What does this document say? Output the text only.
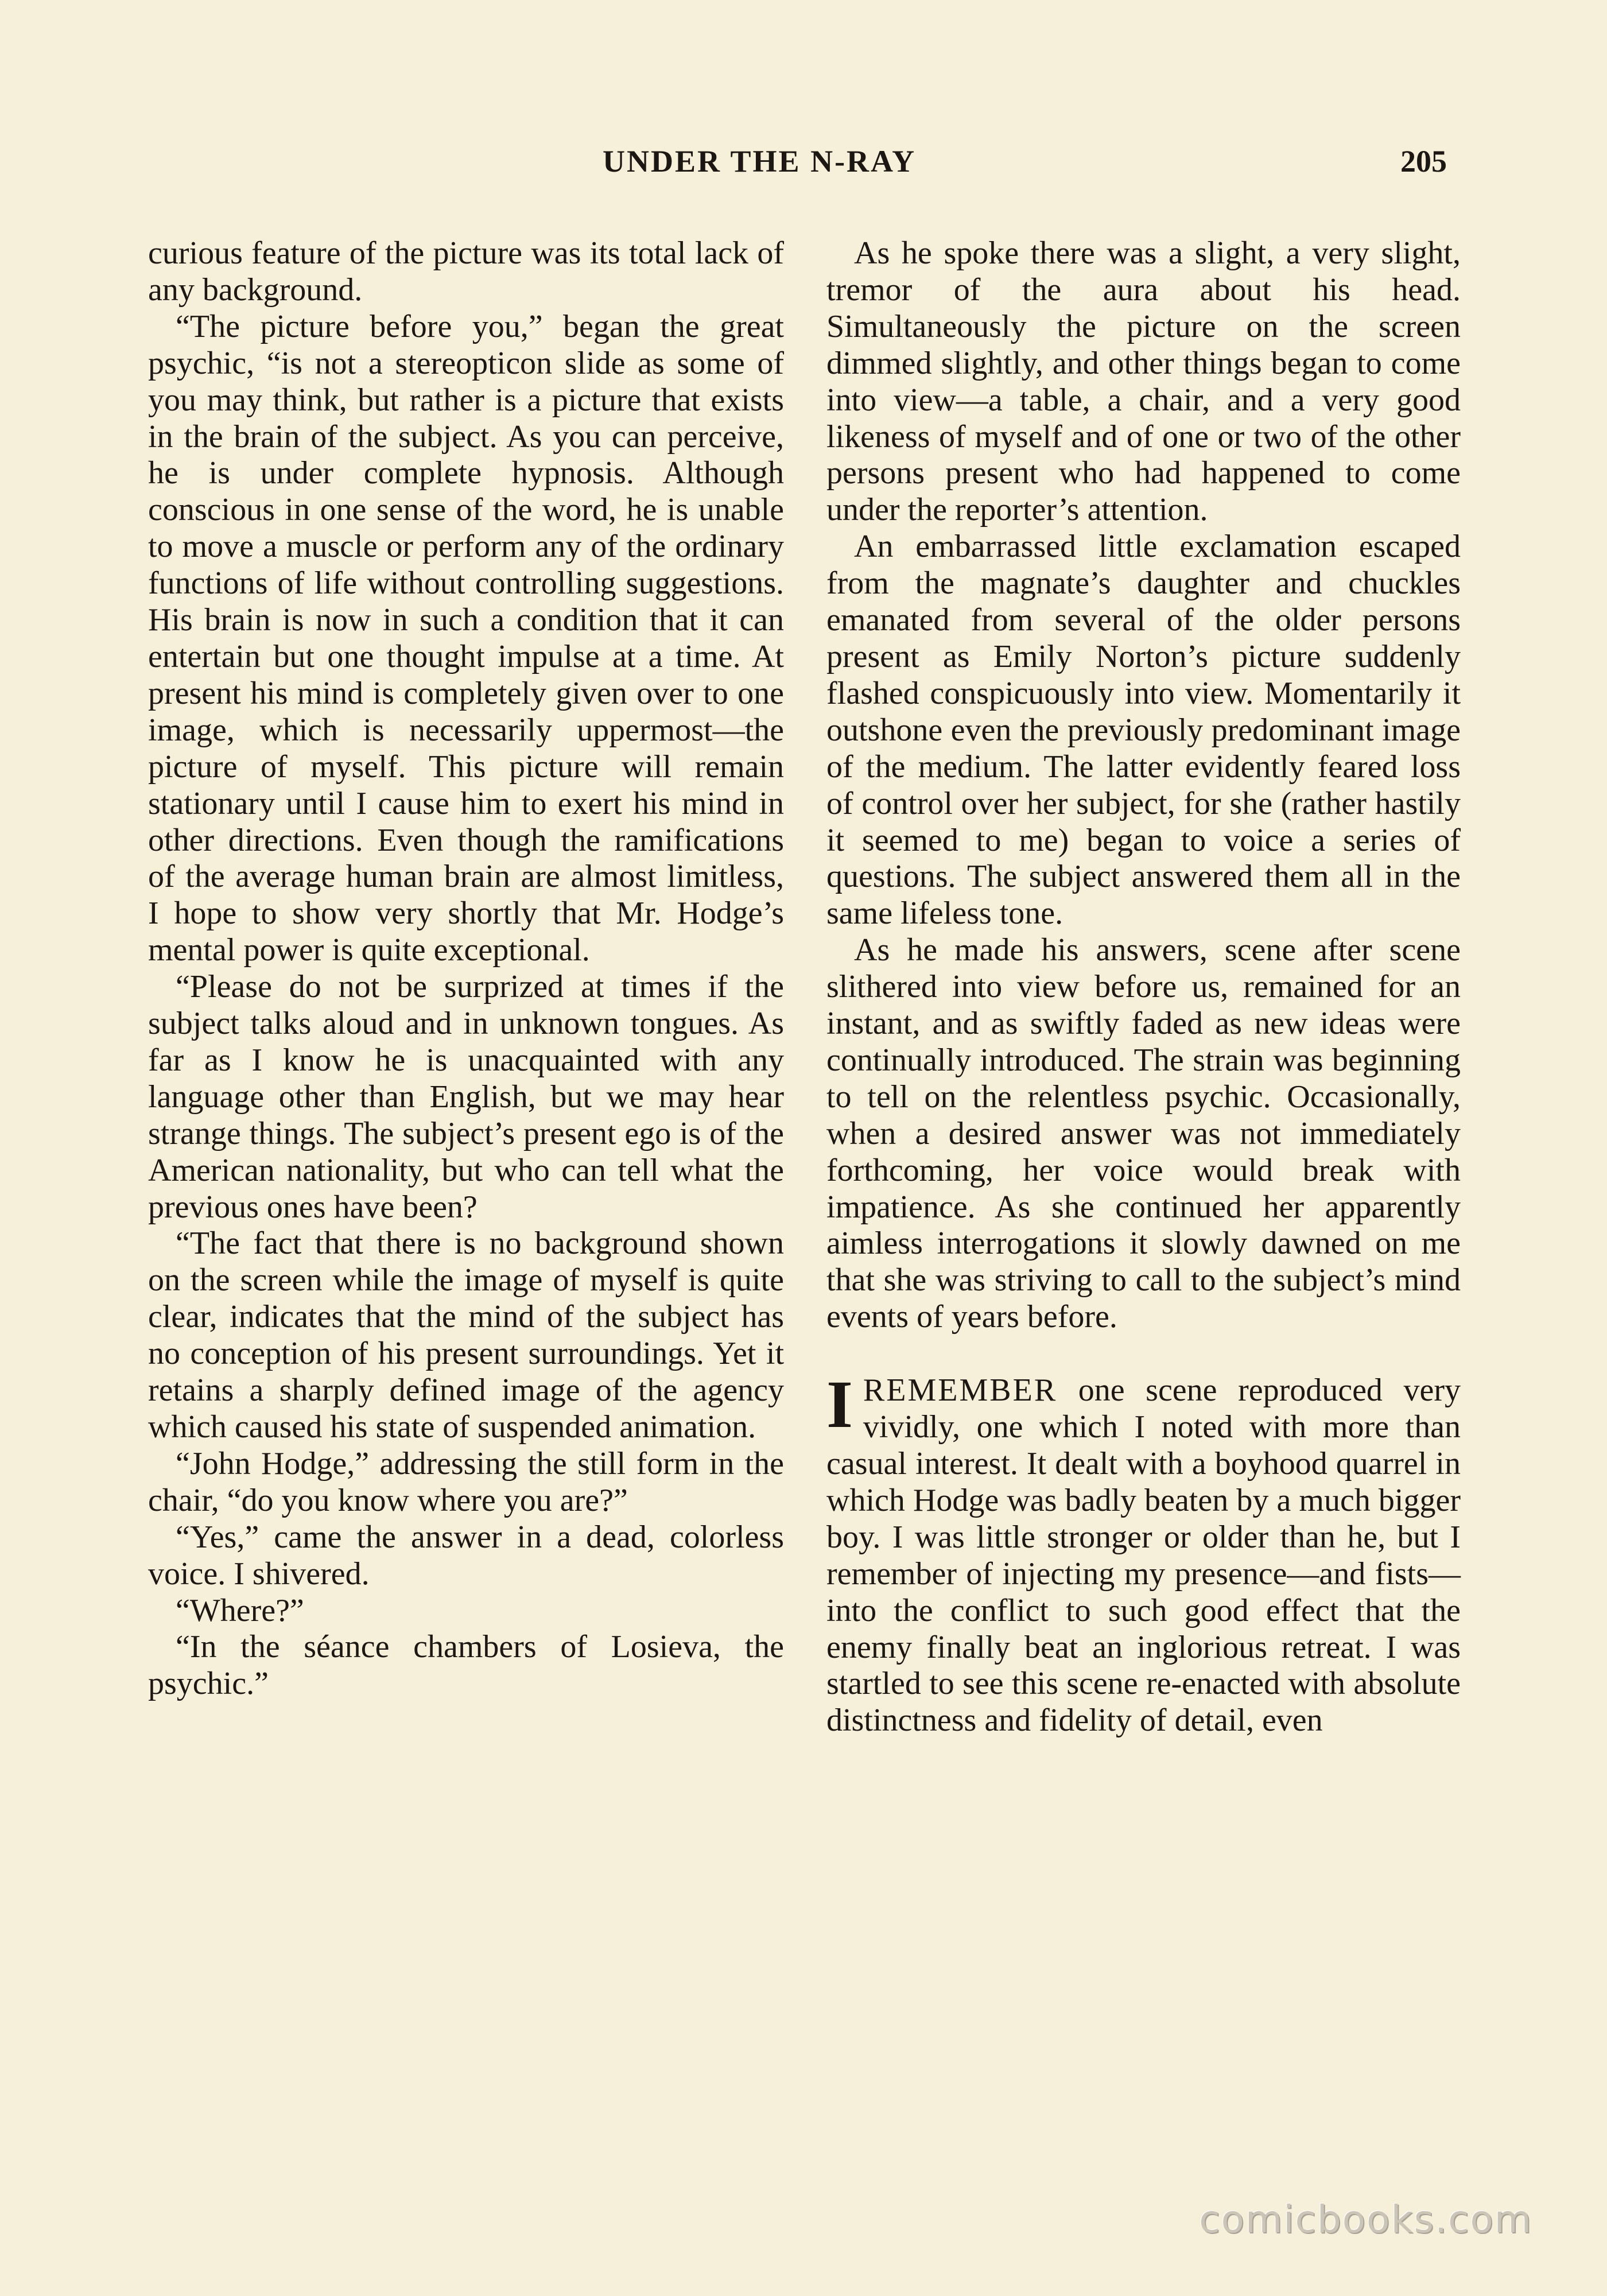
UNDER THE N-RAY	205

curious feature of the picture was its total lack of any background.

“The picture before you,” began the great psychic, “is not a stereopticon slide as some of you may think, but rather is a picture that exists in the brain of the subject. As you can perceive, he is under complete hypnosis. Although conscious in one sense of the word, he is unable to move a muscle or perform any of the ordinary functions of life without controlling suggestions. His brain is now in such a condition that it can entertain but one thought impulse at a time. At present his mind is completely given over to one image, which is necessarily uppermost—the picture of myself. This picture will remain stationary until I cause him to exert his mind in other directions. Even though the ramifications of the average human brain are almost limitless, I hope to show very shortly that Mr. Hodge’s mental power is quite exceptional.

“Please do not be surprized at times if the subject talks aloud and in unknown tongues. As far as I know he is unacquainted with any language other than English, but we may hear strange things. The subject’s present ego is of the American nationality, but who can tell what the previous ones have been?

“The fact that there is no background shown on the screen while the image of myself is quite clear, indicates that the mind of the subject has no conception of his present surroundings. Yet it retains a sharply defined image of the agency which caused his state of suspended animation.

“John Hodge,” addressing the still form in the chair, “do you know where you are?”

“Yes,” came the answer in a dead, colorless voice. I shivered.

“Where?”

“In the séance chambers of Losieva, the psychic.”

As he spoke there was a slight, a very slight, tremor of the aura about his head. Simultaneously the picture on the screen dimmed slightly, and other things began to come into view—a table, a chair, and a very good likeness of myself and of one or two of the other persons present who had happened to come under the reporter’s attention.

An embarrassed little exclamation escaped from the magnate’s daughter and chuckles emanated from several of the older persons present as Emily Norton’s picture suddenly flashed conspicuously into view. Momentarily it outshone even the previously predominant image of the medium. The latter evidently feared loss of control over her subject, for she (rather hastily it seemed to me) began to voice a series of questions. The subject answered them all in the same lifeless tone.

As he made his answers, scene after scene slithered into view before us, remained for an instant, and as swiftly faded as new ideas were continually introduced. The strain was beginning to tell on the relentless psychic. Occasionally, when a desired answer was not immediately forthcoming, her voice would break with impatience. As she continued her apparently aimless interrogations it slowly dawned on me that she was striving to call to the subject’s mind events of years before.

IREMEMBER one scene reproduced very vividly, one which I noted with more than casual interest. It dealt with a boyhood quarrel in which Hodge was badly beaten by a much bigger boy. I was little stronger or older than he, but I remember of injecting my presence—and fists—into the conflict to such good effect that the enemy finally beat an inglorious retreat. I was startled to see this scene re-enacted with absolute distinctness and fidelity of detail, even

comicbooks.com
